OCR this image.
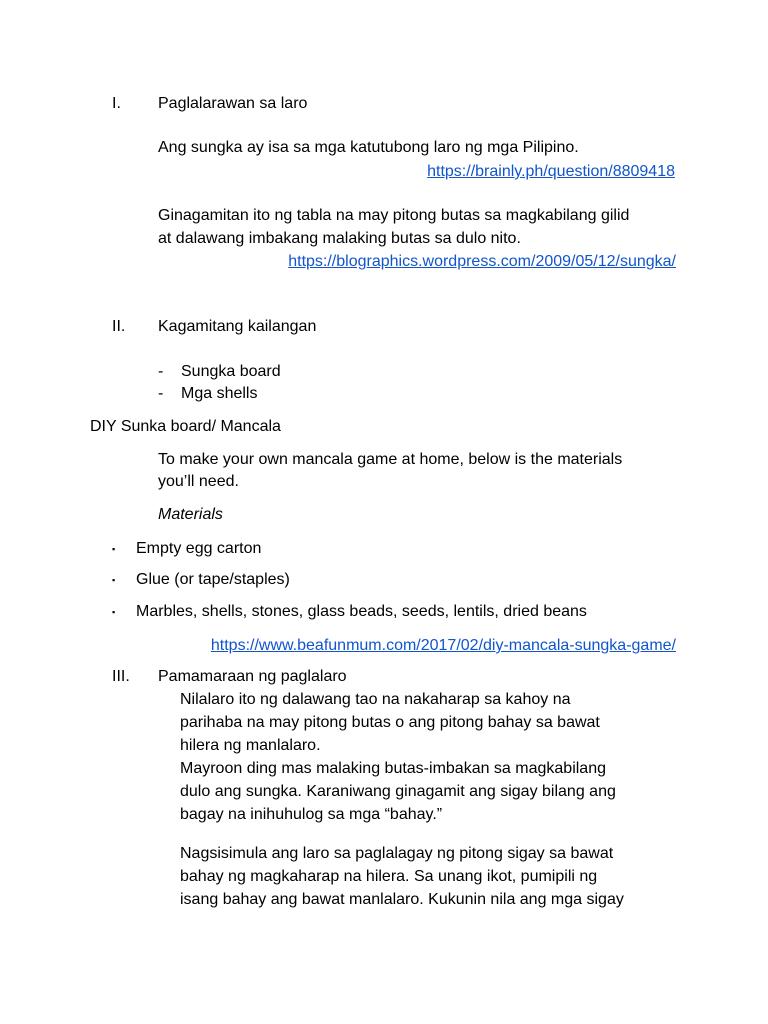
I. Paglalarawan sa laro
Ang sungka ay isa sa mga katutubong laro ng mga Pilipino.
https://brainly.ph/question/8809418
Ginagamitan ito ng tabla na may pitong butas sa magkabilang gilid
at dalawang imbakang malaking butas sa dulo nito.
https://blographics.wordpress.com/2009/05/12/sungka/
II. Kagamitang kailangan
- Sungka board
- Mga shells
DIY Sunka board/ Mancala
To make your own mancala game at home, below is the materials
you’ll need.
Materials
▪ Empty egg carton
▪ Glue (or tape/staples)
▪ Marbles, shells, stones, glass beads, seeds, lentils, dried beans
https://www.beafunmum.com/2017/02/diy-mancala-sungka-game/
III. Pamamaraan ng paglalaro
Nilalaro ito ng dalawang tao na nakaharap sa kahoy na
parihaba na may pitong butas o ang pitong bahay sa bawat
hilera ng manlalaro.
Mayroon ding mas malaking butas-imbakan sa magkabilang
dulo ang sungka. Karaniwang ginagamit ang sigay bilang ang
bagay na inihuhulog sa mga “bahay.”
Nagsisimula ang laro sa paglalagay ng pitong sigay sa bawat
bahay ng magkaharap na hilera. Sa unang ikot, pumipili ng
isang bahay ang bawat manlalaro. Kukunin nila ang mga sigay
